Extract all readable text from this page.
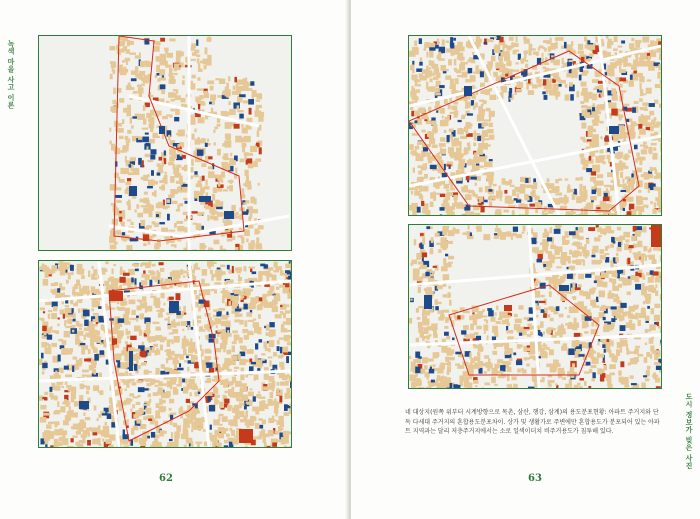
녹색 마을 사고 이론
62
도시 정보가 빚은 사진
63
네 대상지(원쪽 위부터 시계방향으로 목촌, 삼산, 행강, 삼계)의 용도분포현황: 아파트 주거지와 단독 다세대 주거지의 혼합용도분포차이. 상가 및 생활가로 주변에만 혼합용도가 분포되어 있는 아파트 지역과는 달리 저층주거지에서는 소로 일색이더치 비주거용도가 침투해 있다.
